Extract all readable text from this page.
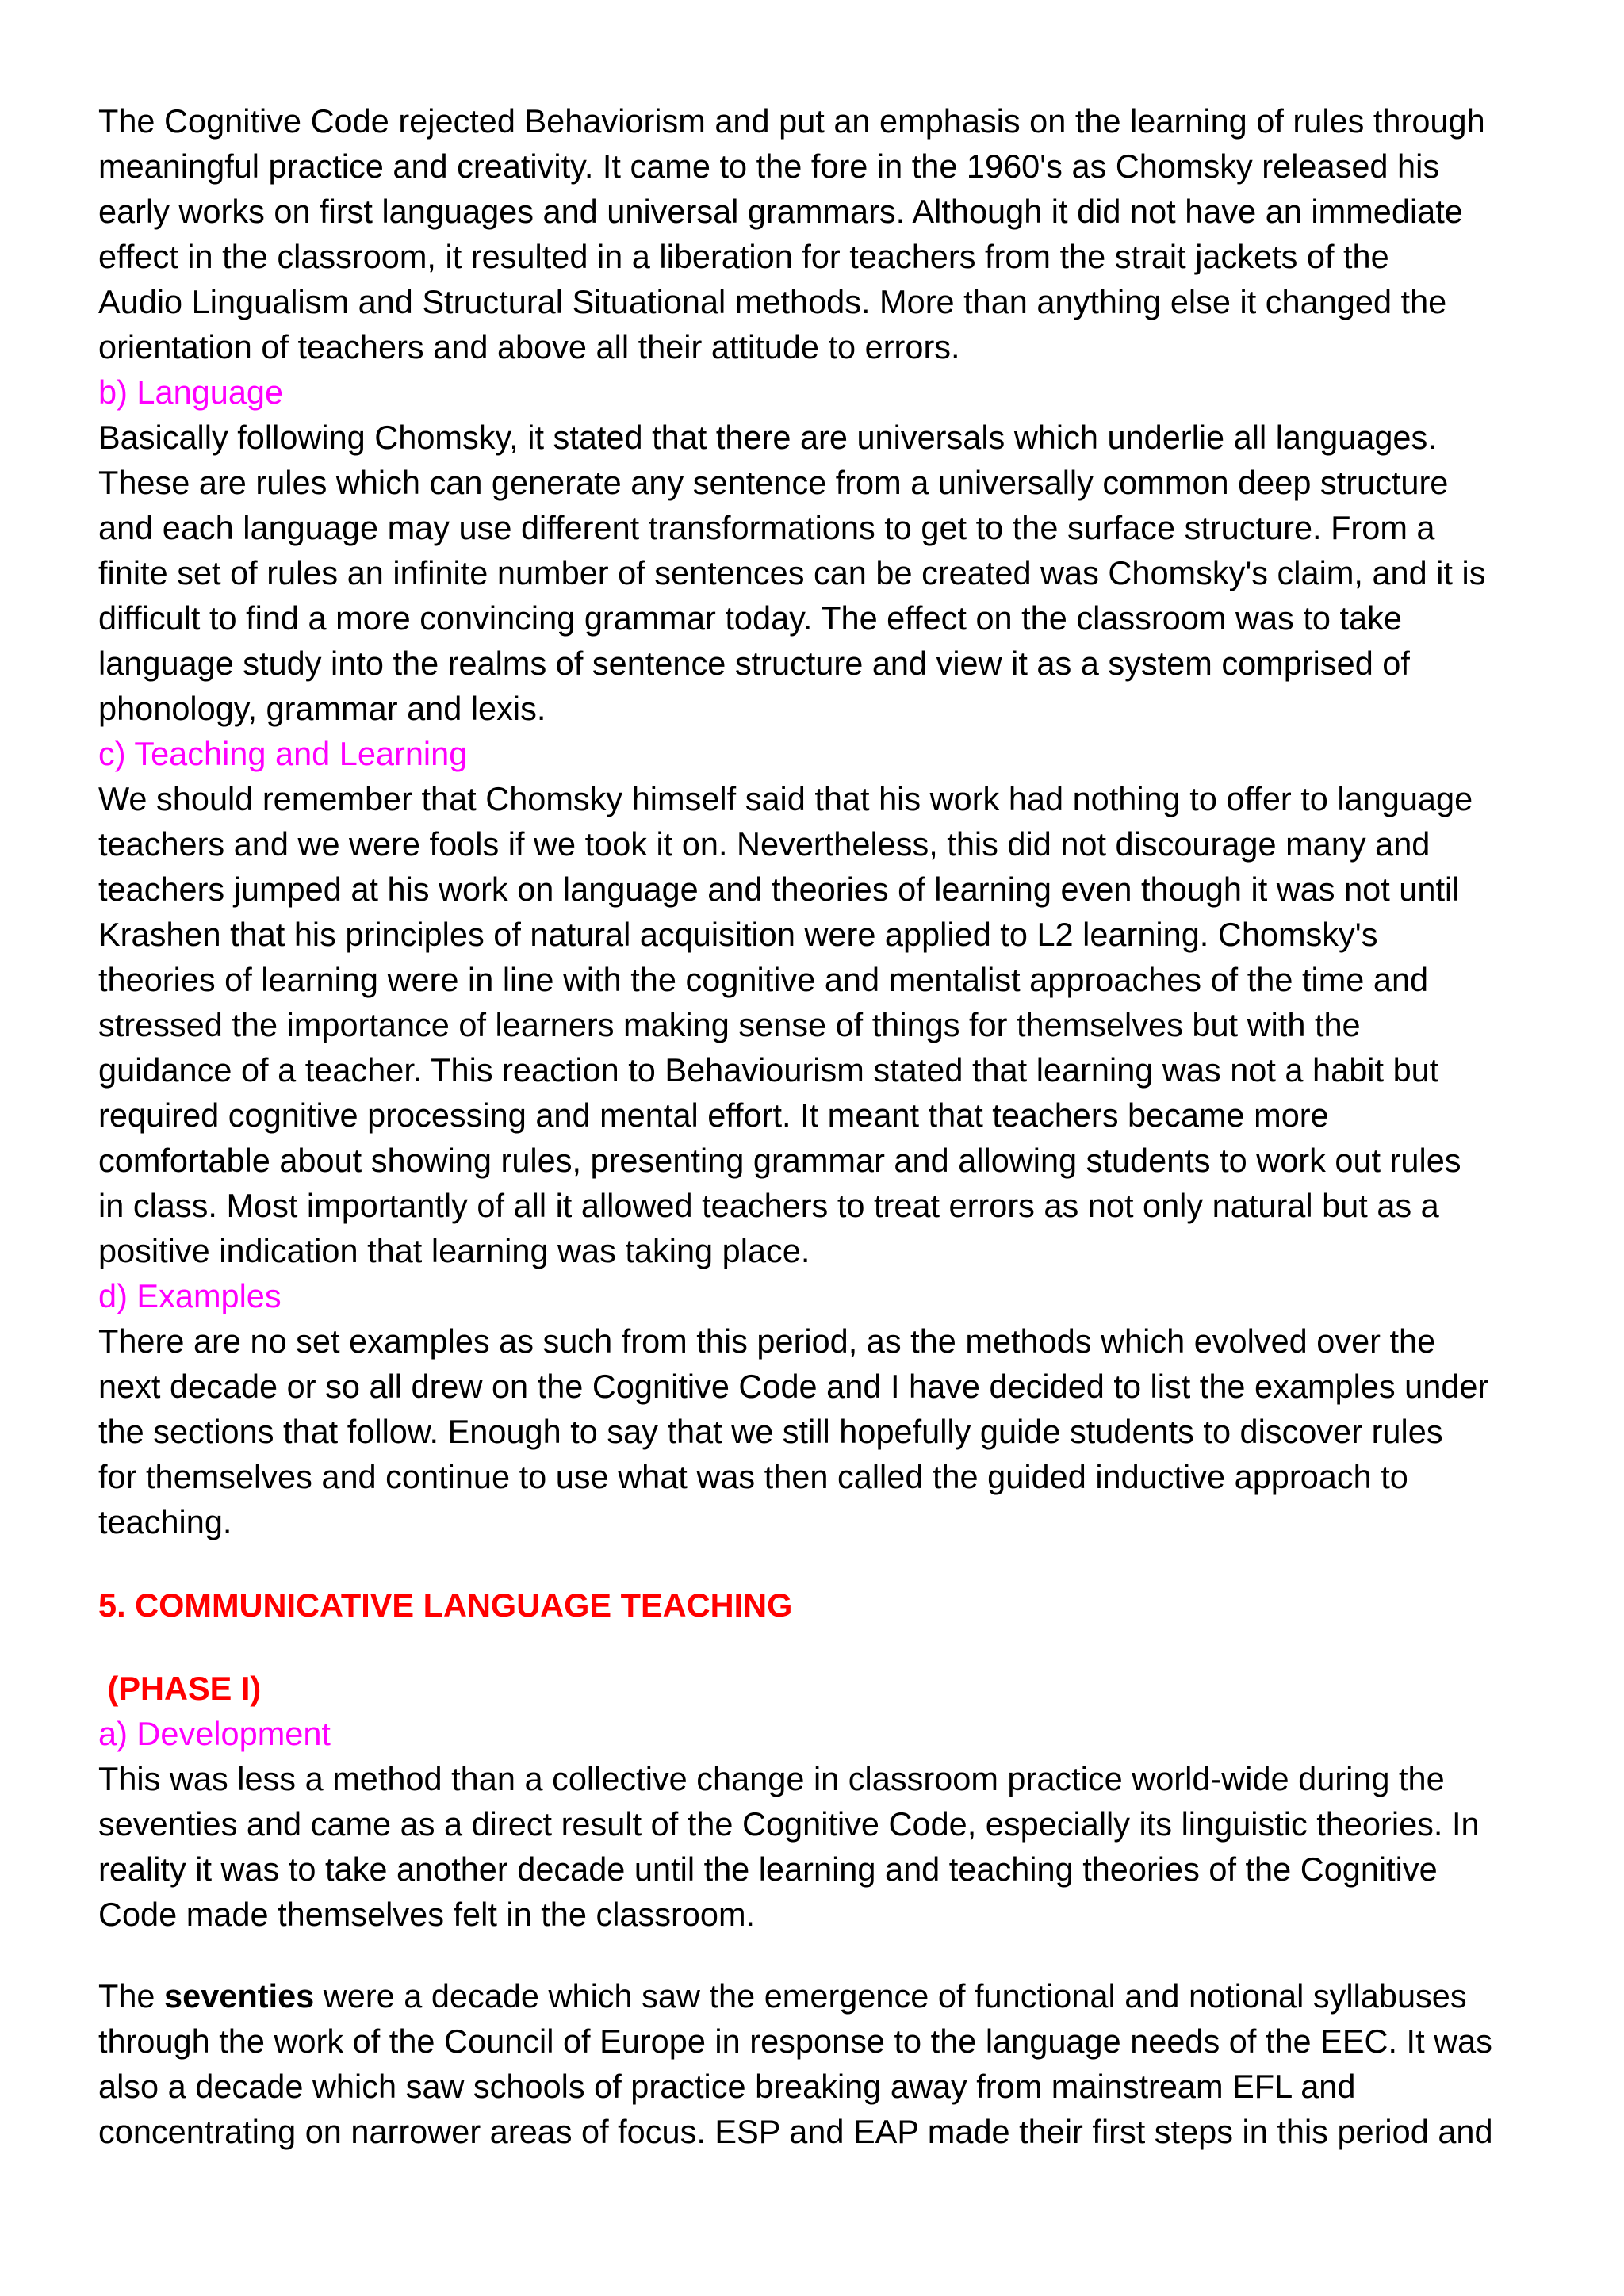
The Cognitive Code rejected Behaviorism and put an emphasis on the learning of rules through
meaningful practice and creativity. It came to the fore in the 1960's as Chomsky released his
early works on first languages and universal grammars. Although it did not have an immediate
effect in the classroom, it resulted in a liberation for teachers from the strait jackets of the
Audio Lingualism and Structural Situational methods. More than anything else it changed the
orientation of teachers and above all their attitude to errors.

b) Language

Basically following Chomsky, it stated that there are universals which underlie all languages.
These are rules which can generate any sentence from a universally common deep structure
and each language may use different transformations to get to the surface structure. From a
finite set of rules an infinite number of sentences can be created was Chomsky's claim, and it is
difficult to find a more convincing grammar today. The effect on the classroom was to take
language study into the realms of sentence structure and view it as a system comprised of
phonology, grammar and lexis.

c) Teaching and Learning

We should remember that Chomsky himself said that his work had nothing to offer to language
teachers and we were fools if we took it on. Nevertheless, this did not discourage many and
teachers jumped at his work on language and theories of learning even though it was not until
Krashen that his principles of natural acquisition were applied to L2 learning. Chomsky's
theories of learning were in line with the cognitive and mentalist approaches of the time and
stressed the importance of learners making sense of things for themselves but with the
guidance of a teacher. This reaction to Behaviourism stated that learning was not a habit but
required cognitive processing and mental effort. It meant that teachers became more
comfortable about showing rules, presenting grammar and allowing students to work out rules
in class. Most importantly of all it allowed teachers to treat errors as not only natural but as a
positive indication that learning was taking place.

d) Examples

There are no set examples as such from this period, as the methods which evolved over the
next decade or so all drew on the Cognitive Code and I have decided to list the examples under
the sections that follow. Enough to say that we still hopefully guide students to discover rules
for themselves and continue to use what was then called the guided inductive approach to
teaching.

5. COMMUNICATIVE LANGUAGE TEACHING

(PHASE I)

a) Development

This was less a method than a collective change in classroom practice world-wide during the
seventies and came as a direct result of the Cognitive Code, especially its linguistic theories. In
reality it was to take another decade until the learning and teaching theories of the Cognitive
Code made themselves felt in the classroom.

The seventies were a decade which saw the emergence of functional and notional syllabuses
through the work of the Council of Europe in response to the language needs of the EEC. It was
also a decade which saw schools of practice breaking away from mainstream EFL and
concentrating on narrower areas of focus. ESP and EAP made their first steps in this period and
